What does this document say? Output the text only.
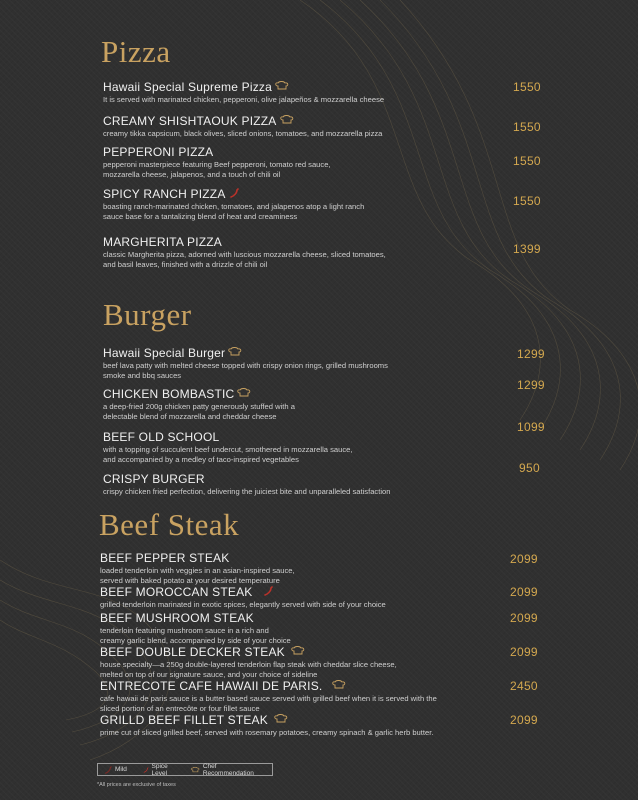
Pizza
Hawaii Special Supreme Pizza
It is served with marinated chicken, pepperoni, olive jalapeños & mozzarella cheese
1550
CREAMY SHISHTAOUK PIZZA
creamy tikka capsicum, black olives, sliced onions, tomatoes, and mozzarella pizza	1550
PEPPERONI PIZZA
pepperoni masterpiece featuring Beef pepperoni, tomato red sauce,
mozzarella cheese, jalapenos, and a touch of chili oil
1550
SPICY RANCH PIZZA
boasting ranch-marinated chicken, tomatoes, and jalapenos atop a light ranch
sauce base for a tantalizing blend of heat and creaminess
1550
MARGHERITA PIZZA
classic Margherita pizza, adorned with luscious mozzarella cheese, sliced tomatoes,
and basil leaves, finished with a drizzle of chili oil
1399
Burger
Hawaii Special Burger
beef lava patty with melted cheese topped with crispy onion rings, grilled mushrooms
smoke and bbq sauces
1299
CHICKEN BOMBASTIC
a deep-fried 200g chicken patty generously stuffed with a
delectable blend of mozzarella and cheddar cheese
1299
BEEF OLD SCHOOL
with a topping of succulent beef undercut, smothered in mozzarella sauce,
and accompanied by a medley of taco-inspired vegetables
1099
CRISPY BURGER
crispy chicken fried perfection, delivering the juiciest bite and unparalleled satisfaction
950
Beef Steak
BEEF PEPPER STEAK
loaded tenderloin with veggies in an asian-inspired sauce,
served with baked potato at your desired temperature
2099
BEEF MOROCCAN STEAK
grilled tenderloin marinated in exotic spices, elegantly served with side of your choice
2099
BEEF MUSHROOM STEAK
tenderloin featuring mushroom sauce in a rich and
creamy garlic blend, accompanied by side of your choice
2099
BEEF DOUBLE DECKER STEAK
house specialty—a 250g double-layered tenderloin flap steak with cheddar slice cheese,
melted on top of our signature sauce, and your choice of sideline
2099
ENTRECOTE CAFE HAWAII DE PARIS.
cafe hawaii de paris sauce is a butter based sauce served with grilled beef when it is served with the
sliced portion of an entrecôte or four fillet sauce
2450
GRILLD BEEF FILLET STEAK
prime cut of sliced grilled beef, served with rosemary potatoes, creamy spinach & garlic herb butter.
2099
Mild	Spice Level
Chef Recommendation
*All prices are exclusive of taxes
